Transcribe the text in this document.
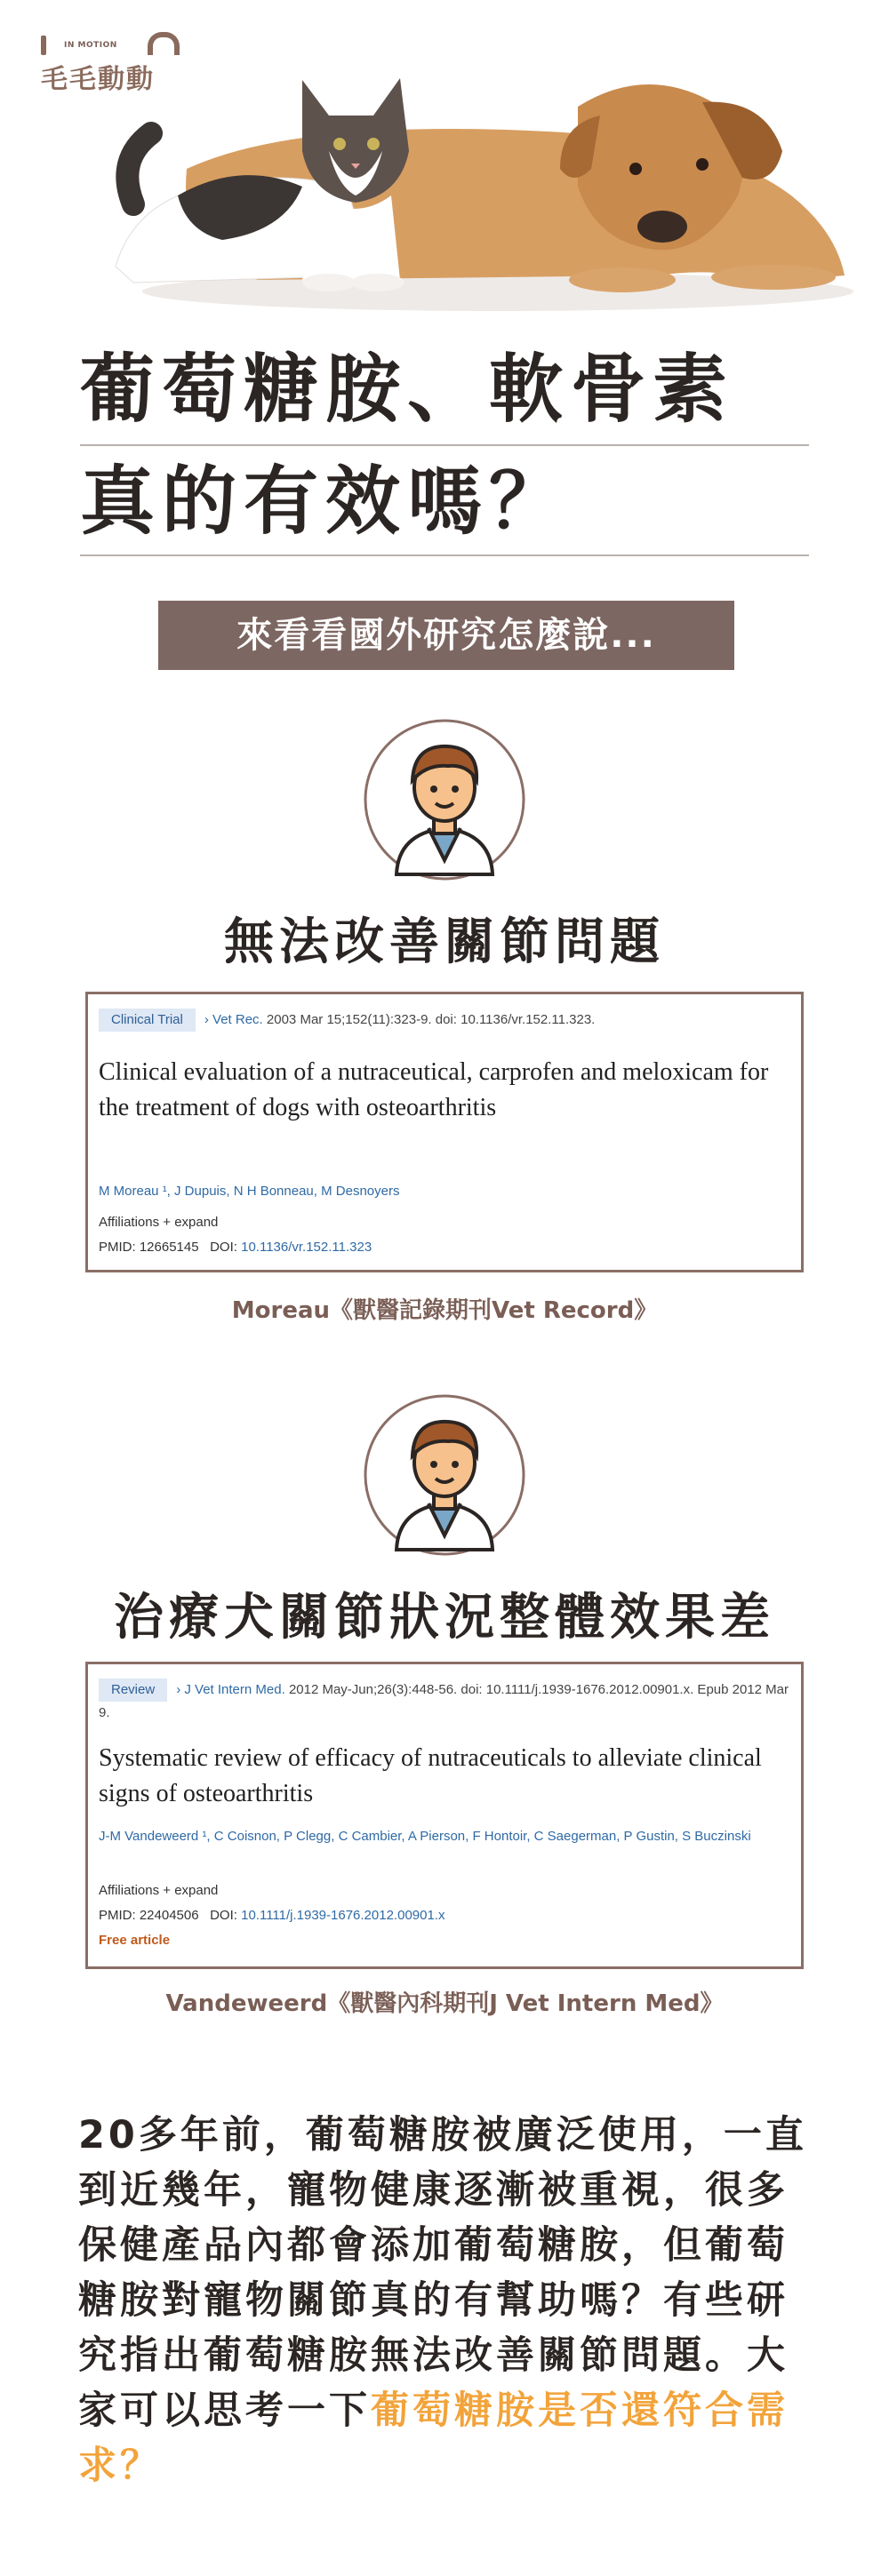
IN MOTION
毛毛動動
葡萄糖胺、軟骨素
真的有效嗎？
來看看國外研究怎麼說...
無法改善關節問題
Clinical Trial › Vet Rec. 2003 Mar 15;152(11):323-9. doi: 10.1136/vr.152.11.323.
Clinical evaluation of a nutraceutical, carprofen and meloxicam for the treatment of dogs with osteoarthritis
M Moreau ¹, J Dupuis, N H Bonneau, M Desnoyers
Affiliations + expand
PMID: 12665145 DOI: 10.1136/vr.152.11.323
Moreau《獸醫記錄期刊Vet Record》
治療犬關節狀況整體效果差
Review › J Vet Intern Med. 2012 May-Jun;26(3):448-56. doi: 10.1111/j.1939-1676.2012.00901.x. Epub 2012 Mar 9.
Systematic review of efficacy of nutraceuticals to alleviate clinical signs of osteoarthritis
J-M Vandeweerd ¹, C Coisnon, P Clegg, C Cambier, A Pierson, F Hontoir, C Saegerman, P Gustin, S Buczinski
Affiliations + expand
PMID: 22404506 DOI: 10.1111/j.1939-1676.2012.00901.x
Free article
Vandeweerd《獸醫內科期刊J Vet Intern Med》
20多年前，葡萄糖胺被廣泛使用，一直到近幾年，寵物健康逐漸被重視，很多保健產品內都會添加葡萄糖胺，但葡萄糖胺對寵物關節真的有幫助嗎？有些研究指出葡萄糖胺無法改善關節問題。大家可以思考一下葡萄糖胺是否還符合需求？
